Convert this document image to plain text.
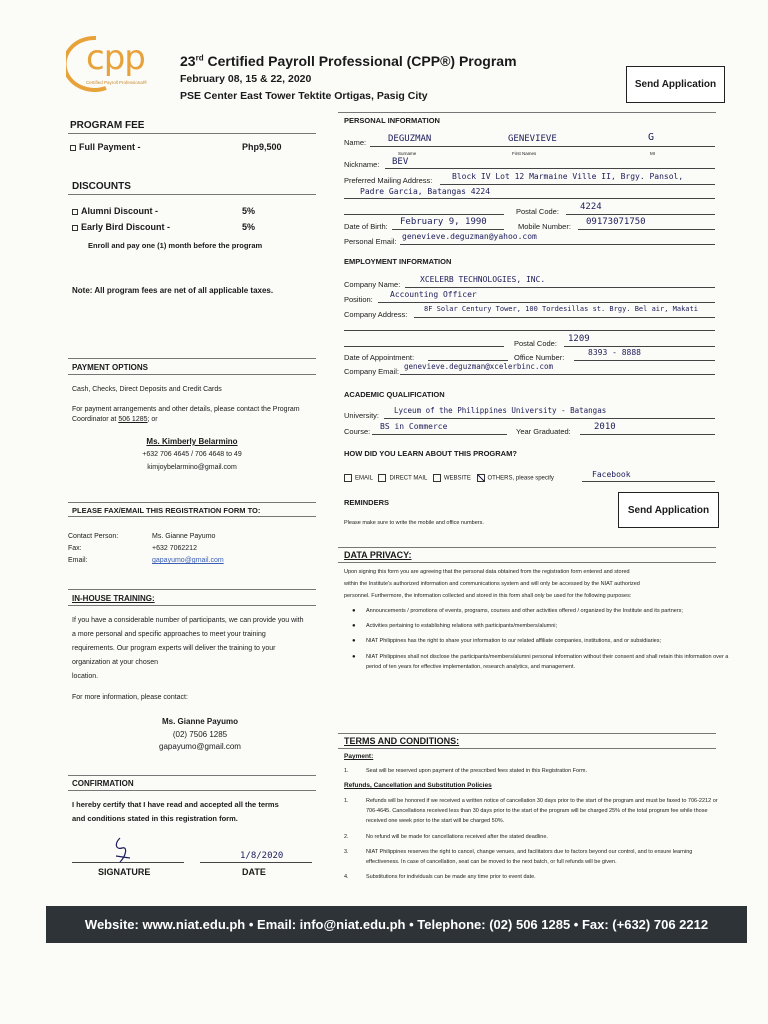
cpp
Certified Payroll Professional®
23rd Certified Payroll Professional (CPP®) Program
February 08, 15 & 22, 2020
PSE Center East Tower Tektite Ortigas, Pasig City
Send Application
PROGRAM FEE
Full Payment -	Php9,500
DISCOUNTS
Alumni Discount -	5%
Early Bird Discount -	5%
Enroll and pay one (1) month before the program
Note: All program fees are net of all applicable taxes.
PAYMENT OPTIONS
Cash, Checks, Direct Deposits and Credit Cards
For payment arrangements and other details, please contact the Program
Coordinator at 506 1285; or
Ms. Kimberly Belarmino
+632 706 4645 / 706 4648 to 49
kimjoybelarmino@gmail.com
PLEASE FAX/EMAIL THIS REGISTRATION FORM TO:
Contact Person:	Ms. Gianne Payumo
Fax:	+632 7062212
Email:	gapayumo@gmail.com
IN-HOUSE TRAINING:
If you have a considerable number of participants, we can provide you with
a more personal and specific approaches to meet your training
requirements. Our program experts will deliver the training to your
organization at your chosen
location.
For more information, please contact:
Ms. Gianne Payumo
(02) 7506 1285
gapayumo@gmail.com
CONFIRMATION
I hereby certify that I have read and accepted all the terms
and conditions stated in this registration form.
SIGNATURE
1/8/2020
DATE
PERSONAL INFORMATION
Name: DEGUZMAN	GENEVIEVE	G
Surname	First Names	MI
Nickname: BEV
Preferred Mailing Address: Block IV Lot 12 Marmaine Ville II, Brgy. Pansol,
Padre Garcia, Batangas 4224
Postal Code: 4224
Date of Birth: February 9, 1990	Mobile Number: 09173071750
Personal Email:
genevieve.deguzman@yahoo.com
EMPLOYMENT INFORMATION
Company Name:
XCELERB TECHNOLOGIES, INC.
Position:
Accounting Officer
Company Address:
8F Solar Century Tower, 100 Tordesillas st. Brgy. Bel air, Makati
Postal Code: 1209
Date of Appointment:	Office Number:
8393 - 8888
Company Email:
genevieve.deguzman@xcelerbinc.com
ACADEMIC QUALIFICATION
University:
Lyceum of the Philippines University - Batangas
Course:
BS in Commerce
Year Graduated:	2010
HOW DID YOU LEARN ABOUT THIS PROGRAM?
EMAIL	DIRECT MAIL	WEBSITE	OTHERS, please specify	Facebook
REMINDERS
Please make sure to write the mobile and office numbers.
Send Application
DATA PRIVACY:
Upon signing this form you are agreeing that the personal data obtained from the registration form entered and stored
within the Institute's authorized information and communications system and will only be accessed by the NIAT authorized
personnel. Furthermore, the information collected and stored in this form shall only be used for the following purposes:
● Announcements / promotions of events, programs, courses and other activities offered / organized by the Institute and its partners;
● Activities pertaining to establishing relations with participants/members/alumni;
● NIAT Philippines has the right to share your information to our related affiliate companies, institutions, and or subsidiaries;
● NIAT Philippines shall not disclose the participants/members/alumni personal information without their consent and shall retain this information over a period of ten years for effective implementation, research analytics, and management.
TERMS AND CONDITIONS:
Payment:
1.	Seat will be reserved upon payment of the prescribed fees stated in this Registration Form.
Refunds, Cancellation and Substitution Policies
1.	Refunds will be honored if we received a written notice of cancellation 30 days prior to the start of the program and must be faxed to 706-2212 or 706-4645. Cancellations received less than 30 days prior to the start of the program will be charged 25% of the total program fee while those received one week prior to the start will be charged 50%.
2.	No refund will be made for cancellations received after the stated deadline.
3.	NIAT Philippines reserves the right to cancel, change venues, and facilitators due to factors beyond our control, and to ensure learning effectiveness. In case of cancellation, seat can be moved to the next batch, or full refunds will be given.
4.	Substitutions for individuals can be made any time prior to event date.
Website: www.niat.edu.ph • Email: info@niat.edu.ph • Telephone: (02) 506 1285 • Fax: (+632) 706 2212
